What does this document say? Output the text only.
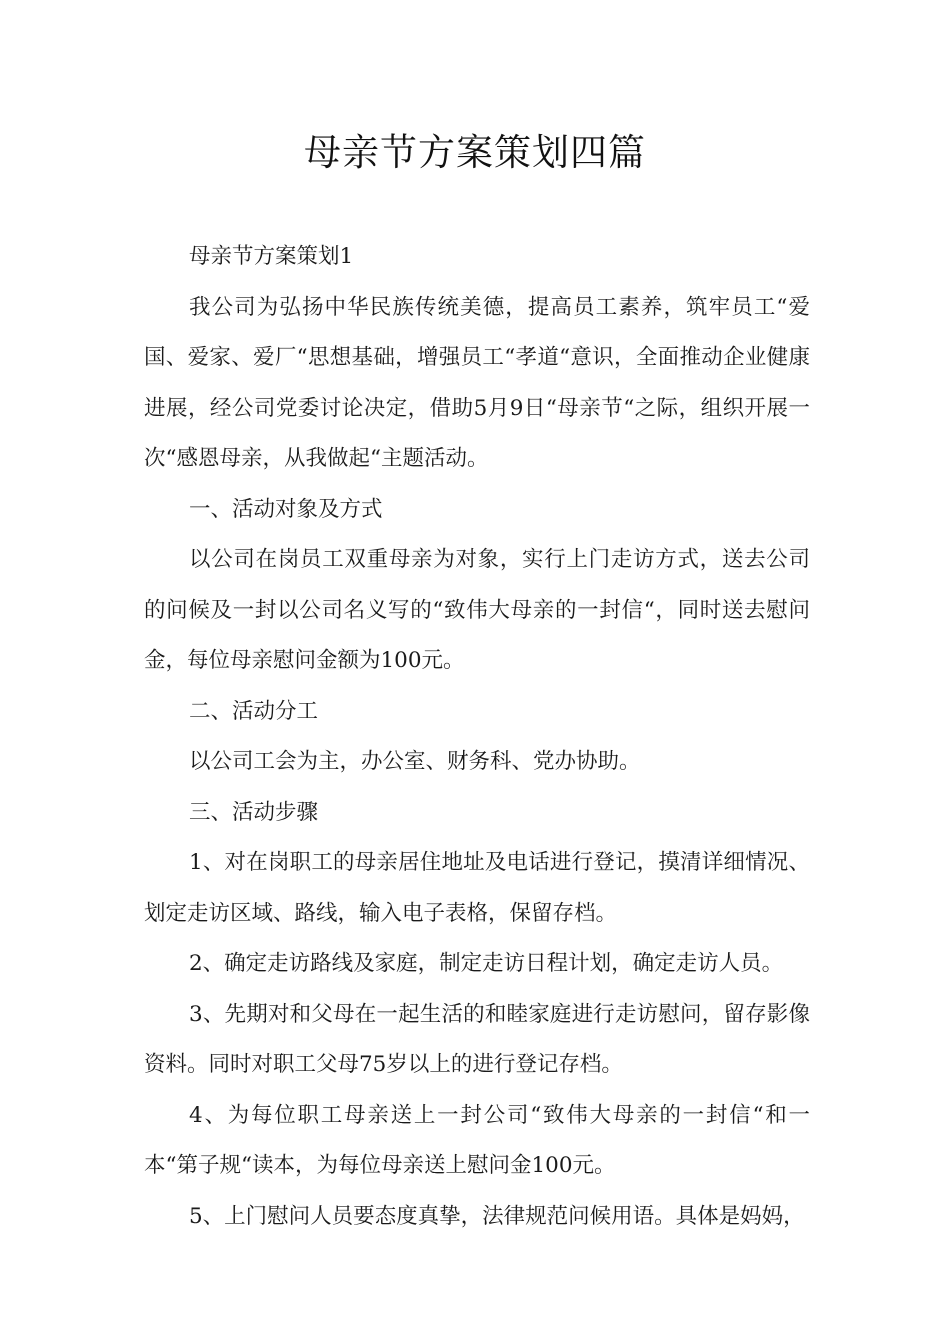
母亲节方案策划四篇

母亲节方案策划1

我公司为弘扬中华民族传统美德，提高员工素养，筑牢员工“爱国、爱家、爱厂“思想基础，增强员工“孝道“意识，全面推动企业健康进展，经公司党委讨论决定，借助5月9日“母亲节“之际，组织开展一次“感恩母亲，从我做起“主题活动。

一、活动对象及方式

以公司在岗员工双重母亲为对象，实行上门走访方式，送去公司的问候及一封以公司名义写的“致伟大母亲的一封信“，同时送去慰问金，每位母亲慰问金额为100元。

二、活动分工

以公司工会为主，办公室、财务科、党办协助。

三、活动步骤

1、对在岗职工的母亲居住地址及电话进行登记，摸清详细情况、划定走访区域、路线，输入电子表格，保留存档。

2、确定走访路线及家庭，制定走访日程计划，确定走访人员。

3、先期对和父母在一起生活的和睦家庭进行走访慰问，留存影像资料。同时对职工父母75岁以上的进行登记存档。

4、为每位职工母亲送上一封公司“致伟大母亲的一封信“和一本“第子规“读本，为每位母亲送上慰问金100元。

5、上门慰问人员要态度真挚，法律规范问候用语。具体是妈妈，
